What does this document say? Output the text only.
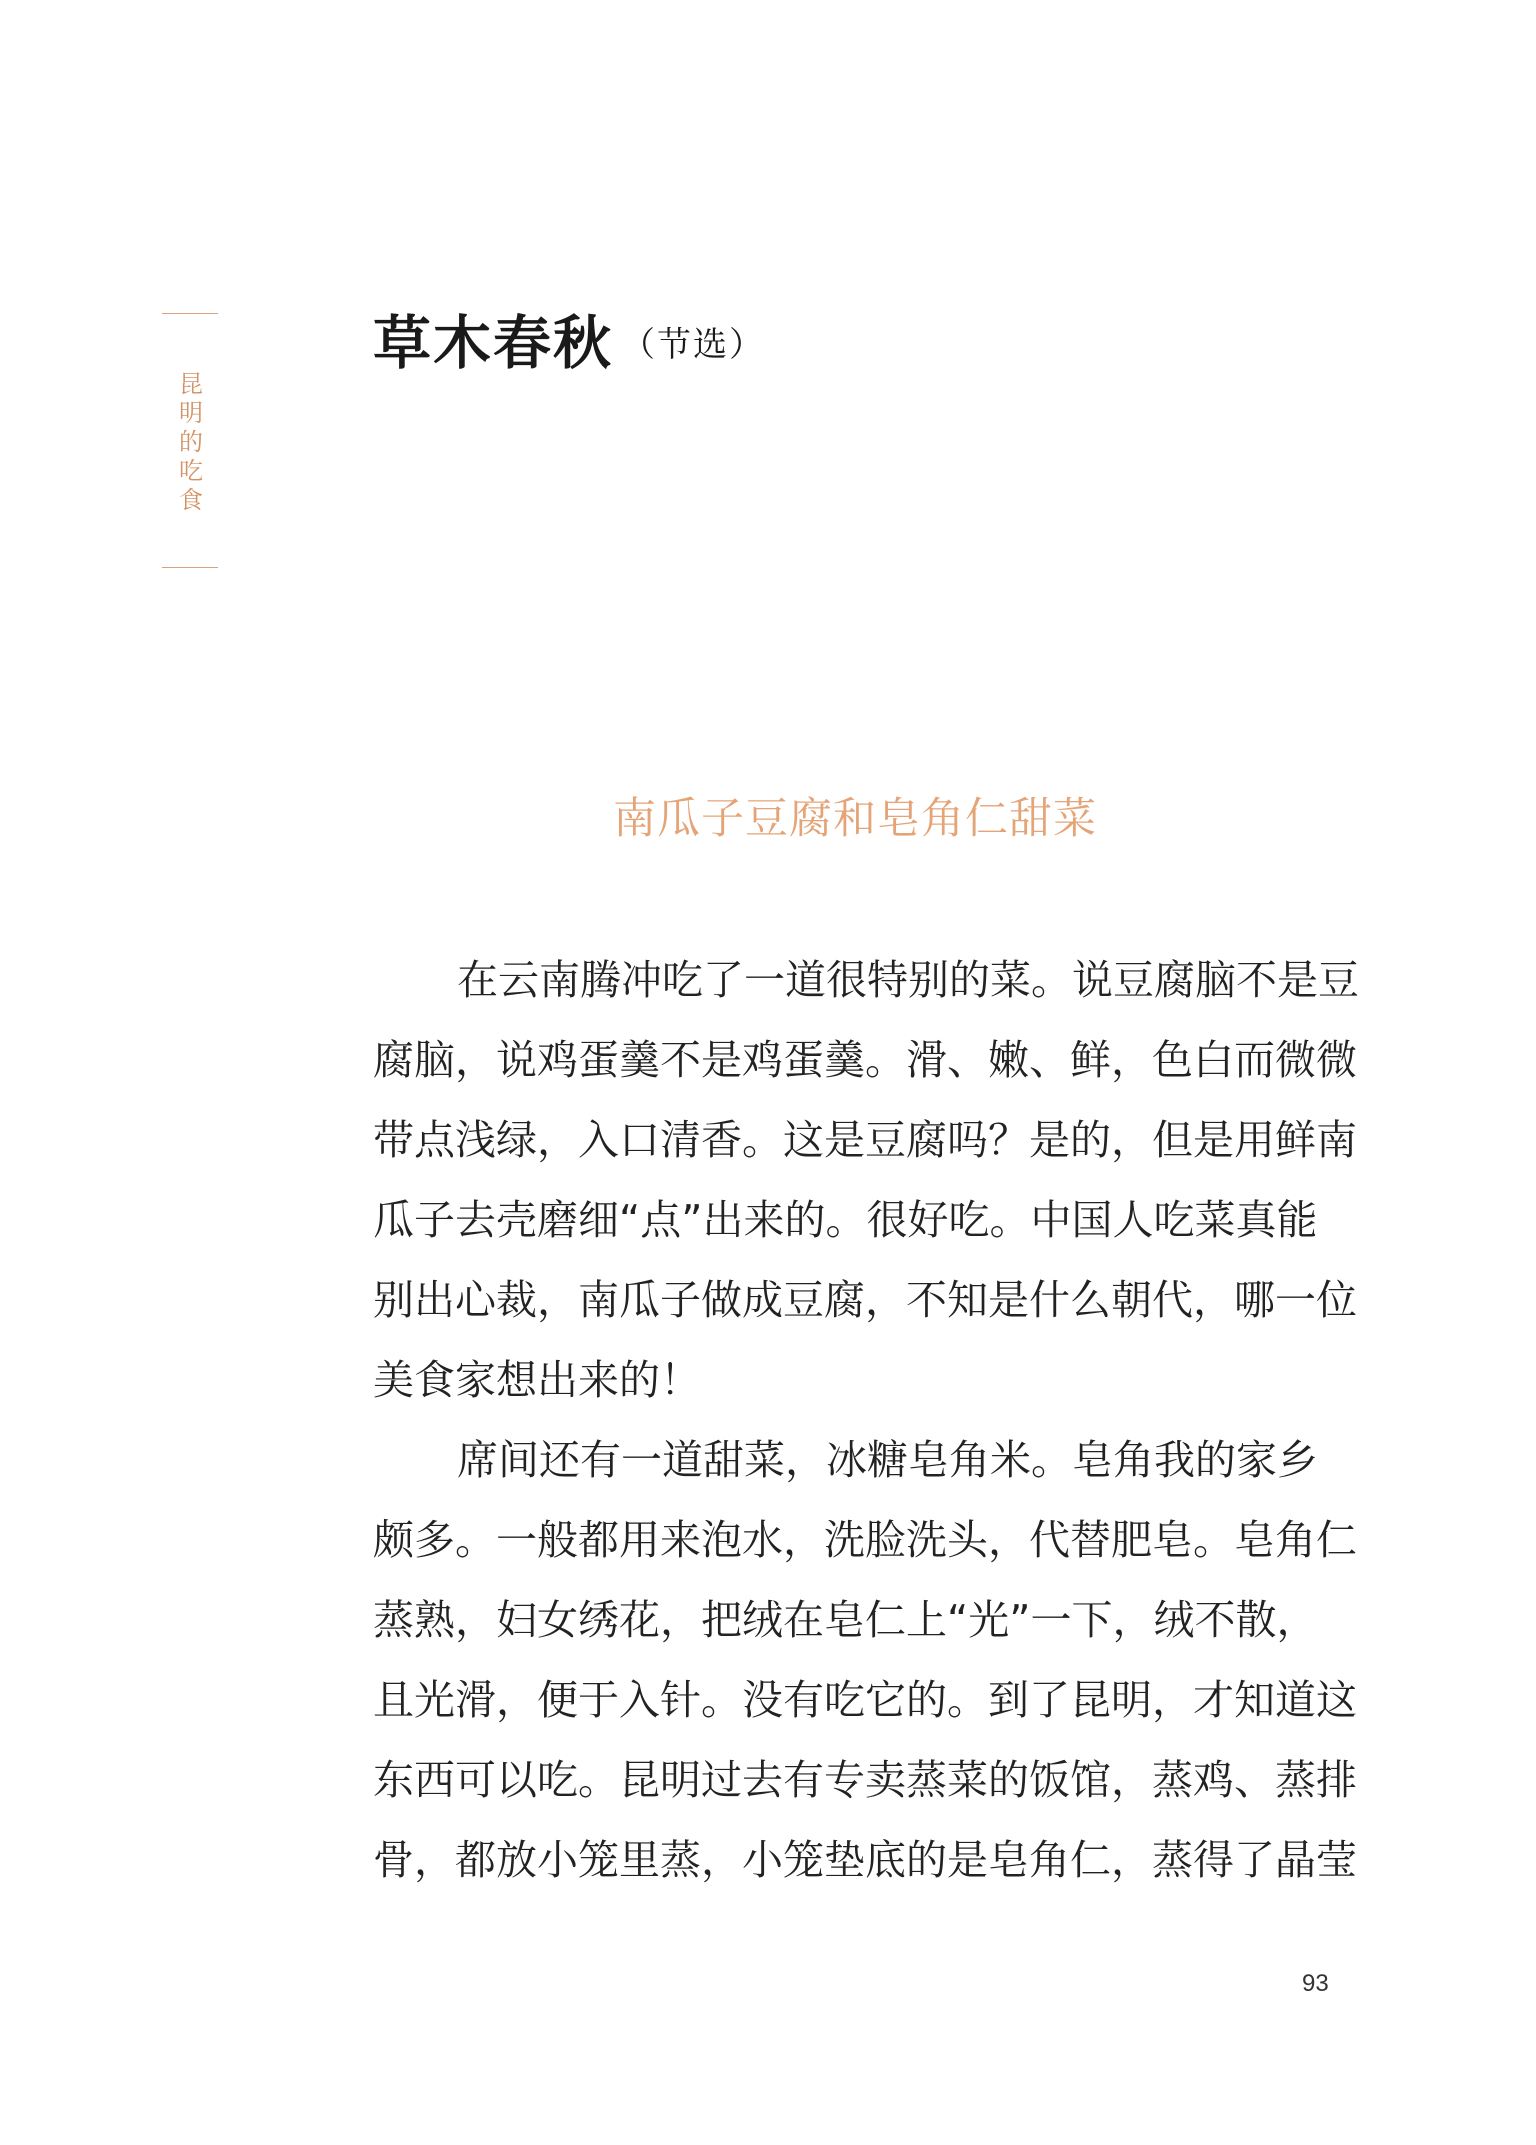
昆
明
的
吃
食
草木春秋 （节选）
南瓜子豆腐和皂角仁甜菜
在云南腾冲吃了一道很特别的菜。说豆腐脑不是豆
腐脑，说鸡蛋羹不是鸡蛋羹。滑、嫩、鲜，色白而微微
带点浅绿，入口清香。这是豆腐吗？是的，但是用鲜南
瓜子去壳磨细“点”出来的。很好吃。中国人吃菜真能
别出心裁，南瓜子做成豆腐，不知是什么朝代，哪一位
美食家想出来的！
席间还有一道甜菜，冰糖皂角米。皂角我的家乡
颇多。一般都用来泡水，洗脸洗头，代替肥皂。皂角仁
蒸熟，妇女绣花，把绒在皂仁上“光”一下，绒不散，
且光滑，便于入针。没有吃它的。到了昆明，才知道这
东西可以吃。昆明过去有专卖蒸菜的饭馆，蒸鸡、蒸排
骨，都放小笼里蒸，小笼垫底的是皂角仁，蒸得了晶莹
93
